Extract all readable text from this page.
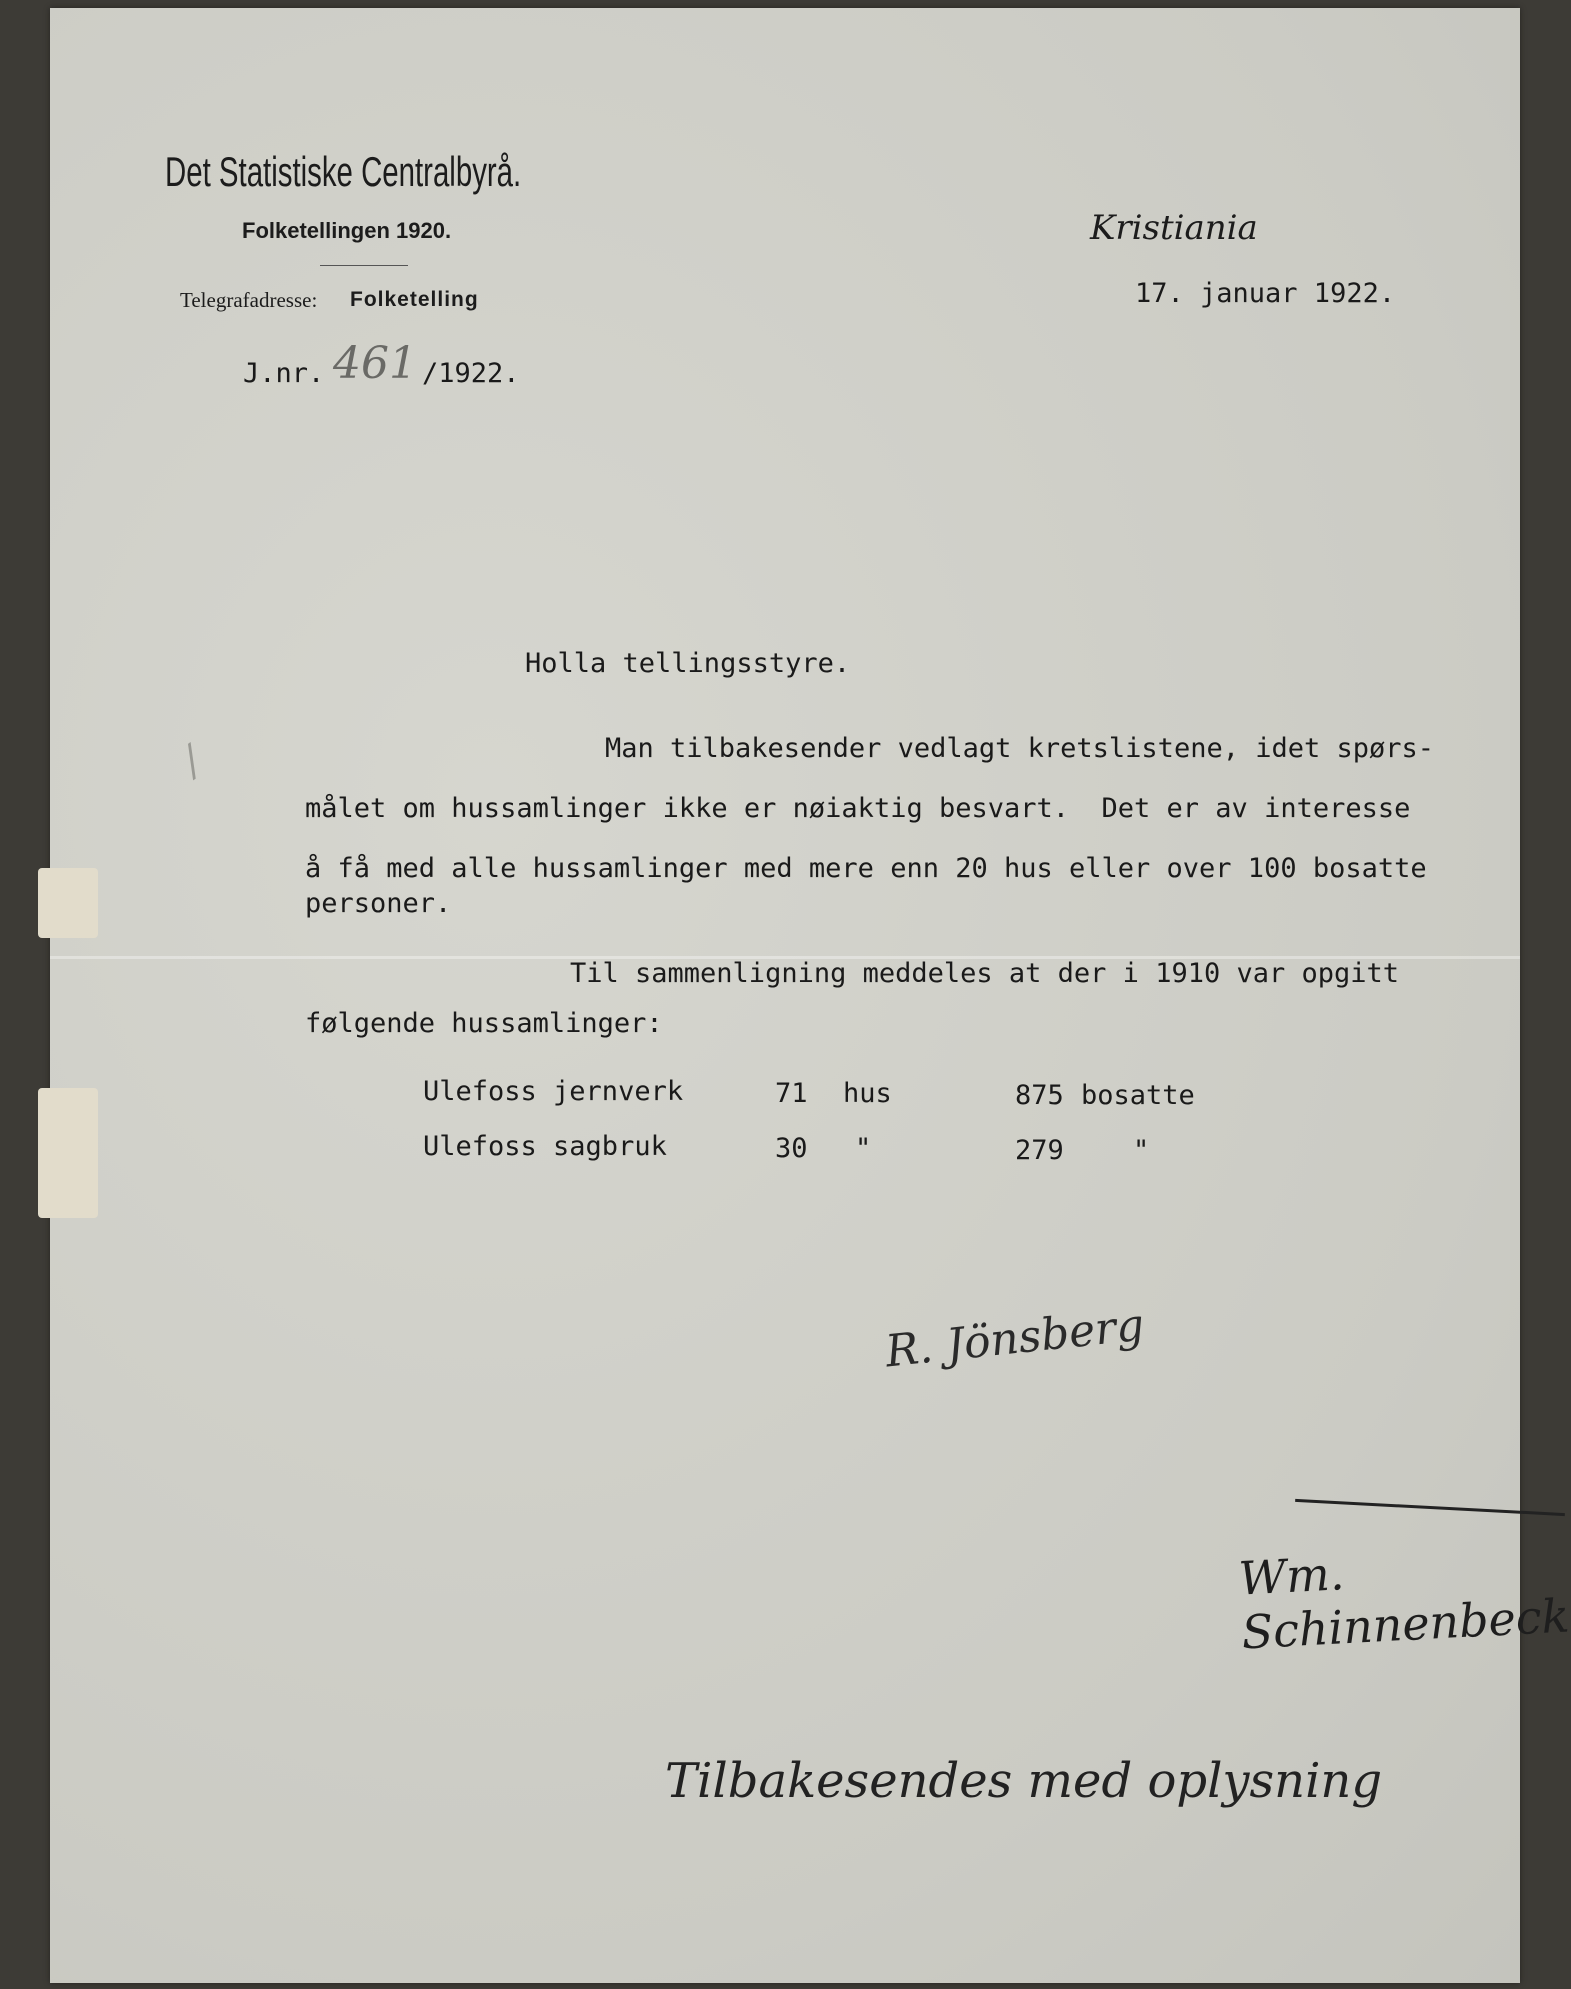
Det Statistiske Centralbyrå.
Folketellingen 1920.
Telegrafadresse: Folketelling
Kristiania
17. januar 1922.
J.nr. 461 /1922.
/
Holla tellingsstyre.
Man tilbakesender vedlagt kretslistene, idet spørs-
målet om hussamlinger ikke er nøiaktig besvart.  Det er av interesse
å få med alle hussamlinger med mere enn 20 hus eller over 100 bosatte
personer.
Til sammenligning meddeles at der i 1910 var opgitt
følgende hussamlinger:
Ulefoss jernverk	71 hus	875 bosatte
Ulefoss sagbruk	30 "	279	"
R. Jönsberg
Wm. Schinnenbeck
Tilbakesendes med oplysning
